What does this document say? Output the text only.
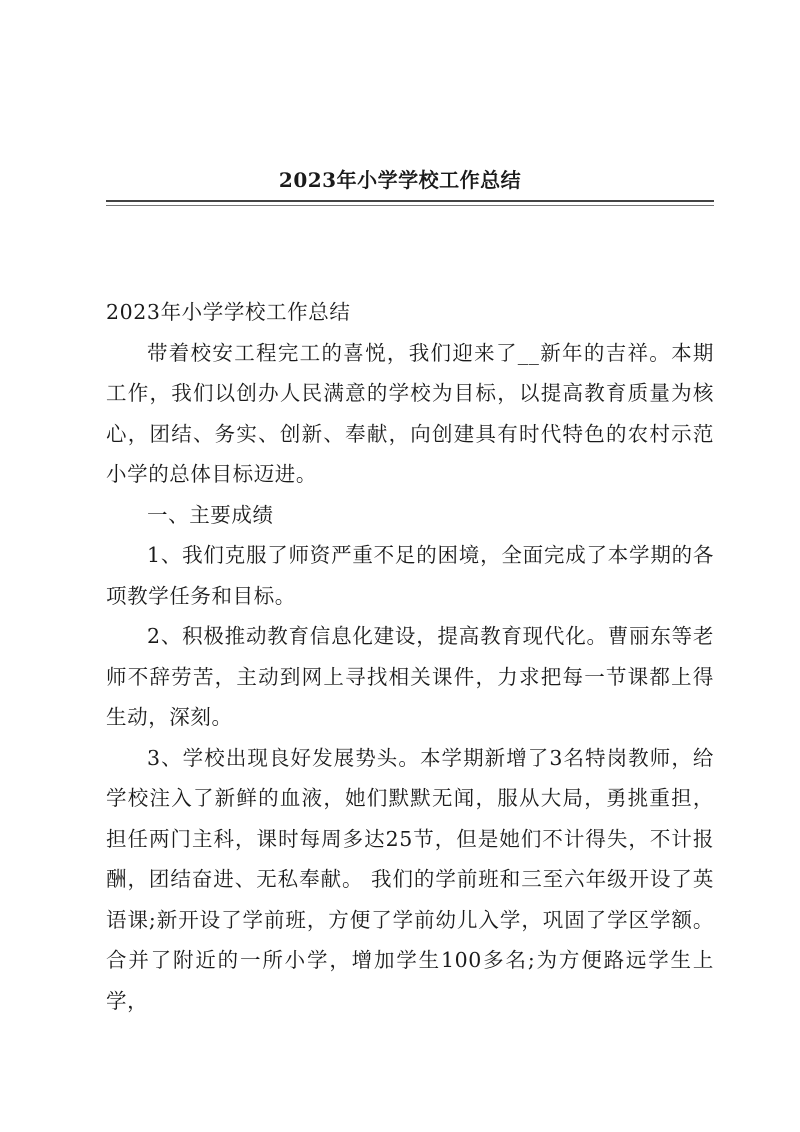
2023年小学学校工作总结

2023年小学学校工作总结

带着校安工程完工的喜悦，我们迎来了__新年的吉祥。本期工作，我们以创办人民满意的学校为目标，以提高教育质量为核心，团结、务实、创新、奉献，向创建具有时代特色的农村示范小学的总体目标迈进。

一、主要成绩

1、我们克服了师资严重不足的困境，全面完成了本学期的各项教学任务和目标。

2、积极推动教育信息化建设，提高教育现代化。曹丽东等老师不辞劳苦，主动到网上寻找相关课件，力求把每一节课都上得生动，深刻。

3、学校出现良好发展势头。本学期新增了3名特岗教师，给学校注入了新鲜的血液，她们默默无闻，服从大局，勇挑重担，担任两门主科，课时每周多达25节，但是她们不计得失，不计报酬，团结奋进、无私奉献。 我们的学前班和三至六年级开设了英语课;新开设了学前班，方便了学前幼儿入学，巩固了学区学额。合并了附近的一所小学，增加学生100多名;为方便路远学生上学，
